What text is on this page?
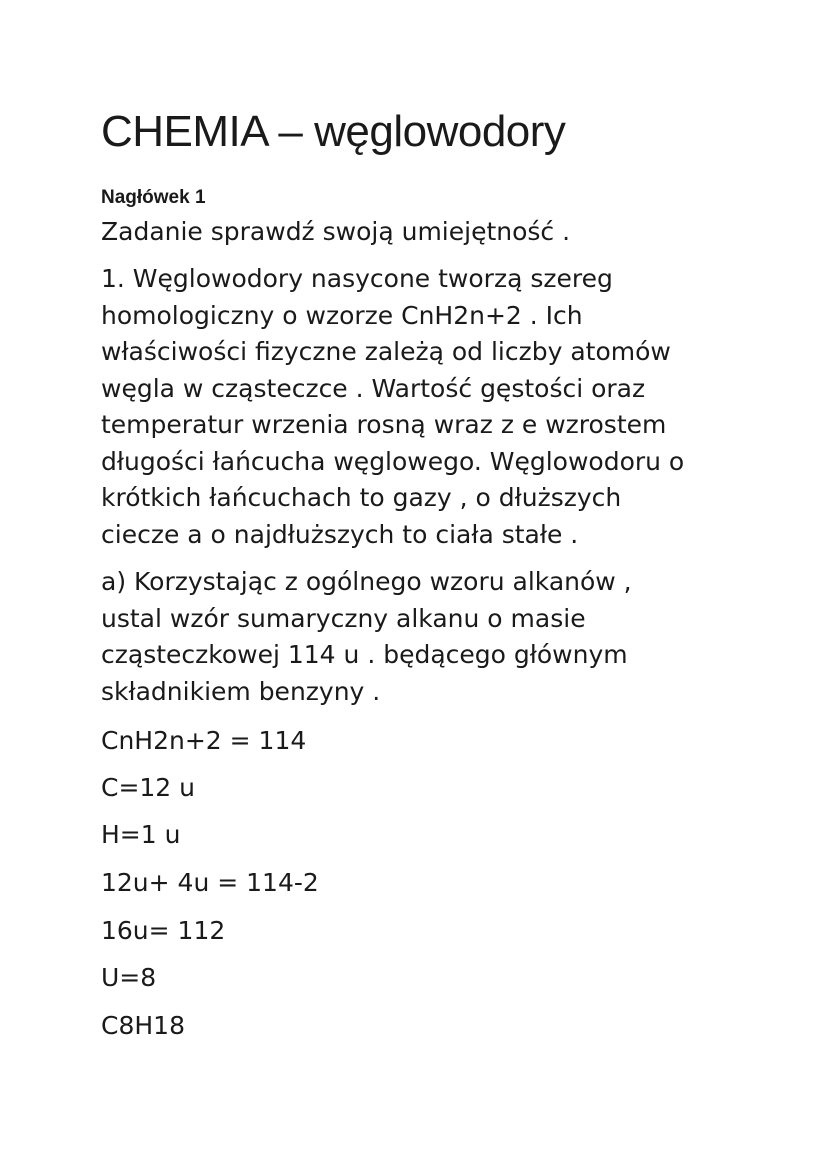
CHEMIA – węglowodory
Nagłówek 1

Zadanie sprawdź swoją umiejętność .

1. Węglowodory nasycone tworzą szereg
homologiczny o wzorze CnH2n+2 . Ich
właściwości fizyczne zależą od liczby atomów
węgla w cząsteczce . Wartość gęstości oraz
temperatur wrzenia rosną wraz z e wzrostem
długości łańcucha węglowego. Węglowodoru o
krótkich łańcuchach to gazy , o dłuższych
ciecze a o najdłuższych to ciała stałe .

a) Korzystając z ogólnego wzoru alkanów ,
ustal wzór sumaryczny alkanu o masie
cząsteczkowej 114 u . będącego głównym
składnikiem benzyny .

CnH2n+2 = 114

C=12 u

H=1 u

12u+ 4u = 114-2

16u= 112

U=8

C8H18
